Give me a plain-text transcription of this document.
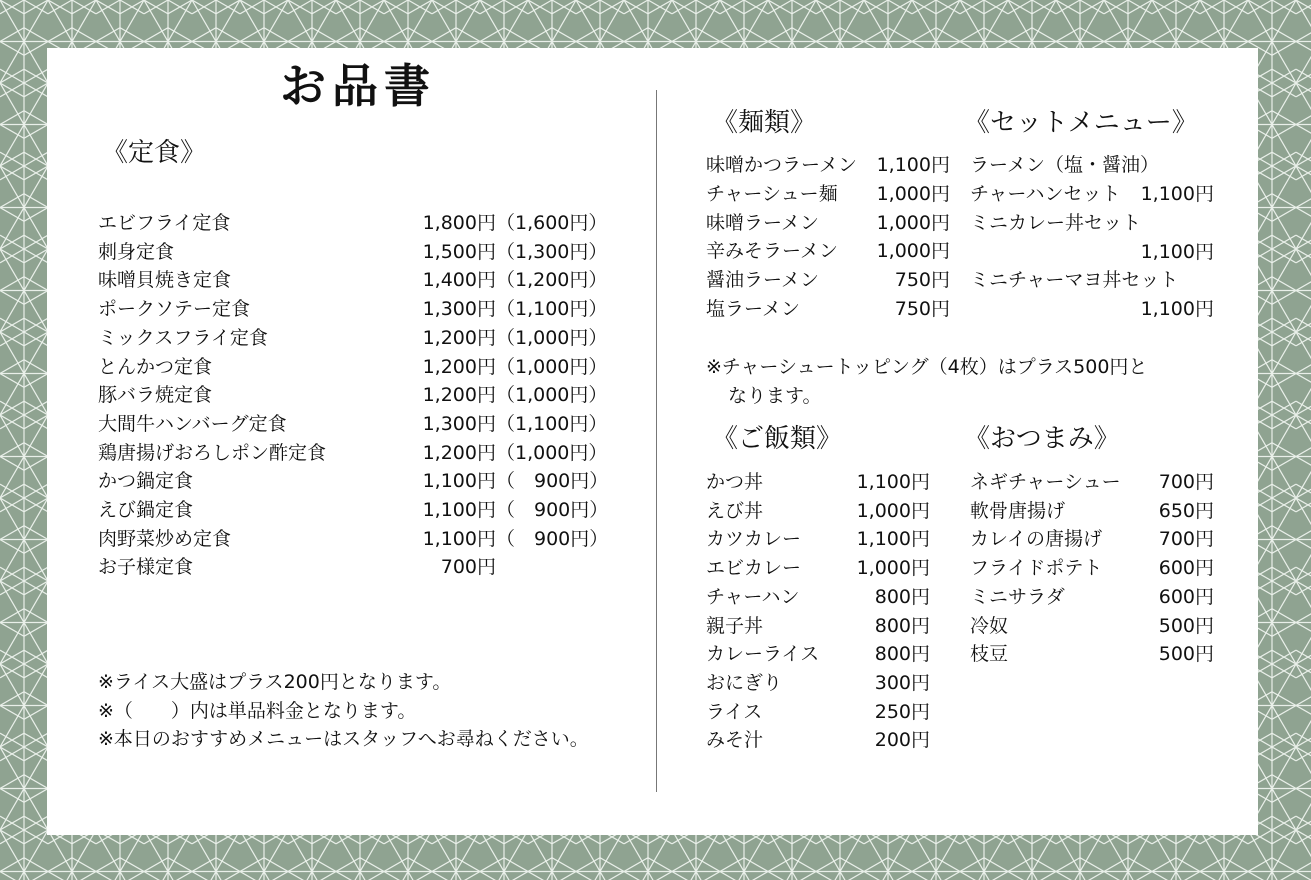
お品書
《定食》
エビフライ定食	1,800円 （1,600円）
刺身定食	1,500円 （1,300円）
味噌貝焼き定食	1,400円 （1,200円）
ポークソテー定食	1,300円 （1,100円）
ミックスフライ定食	1,200円 （1,000円）
とんかつ定食	1,200円 （1,000円）
豚バラ焼定食	1,200円 （1,000円）
大間牛ハンバーグ定食	1,300円 （1,100円）
鶏唐揚げおろしポン酢定食	1,200円 （1,000円）
かつ鍋定食	1,100円 （　900円）
えび鍋定食	1,100円 （　900円）
肉野菜炒め定食	1,100円 （　900円）
お子様定食	700円
※ライス大盛はプラス200円となります。
※（　　）内は単品料金となります。
※本日のおすすめメニューはスタッフへお尋ねください。
《麺類》
味噌かつラーメン	1,100円
チャーシュー麺	1,000円
味噌ラーメン	1,000円
辛みそラーメン	1,000円
醤油ラーメン	750円
塩ラーメン	750円
※チャーシュートッピング（4枚）はプラス500円と
なります。
《セットメニュー》
ラーメン（塩・醤油）
チャーハンセット	1,100円
ミニカレー丼セット
1,100円
ミニチャーマヨ丼セット
1,100円
《ご飯類》
かつ丼	1,100円
えび丼	1,000円
カツカレー	1,100円
エビカレー	1,000円
チャーハン	800円
親子丼	800円
カレーライス	800円
おにぎり	300円
ライス	250円
みそ汁	200円
《おつまみ》
ネギチャーシュー	700円
軟骨唐揚げ	650円
カレイの唐揚げ	700円
フライドポテト	600円
ミニサラダ	600円
冷奴	500円
枝豆	500円
